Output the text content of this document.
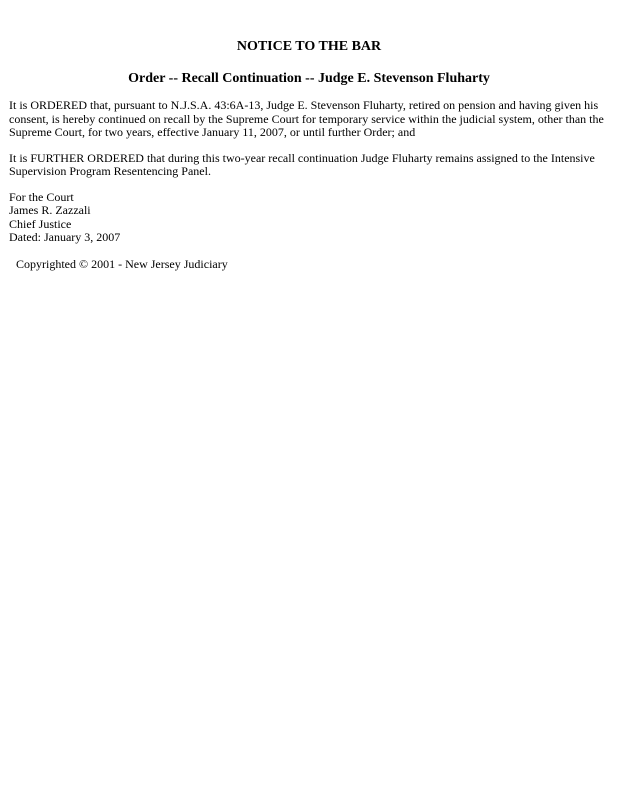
NOTICE TO THE BAR
Order -- Recall Continuation -- Judge E. Stevenson Fluharty

It is ORDERED that, pursuant to N.J.S.A. 43:6A-13, Judge E. Stevenson Fluharty, retired on pension and having given his consent, is hereby continued on recall by the Supreme Court for temporary service within the judicial system, other than the Supreme Court, for two years, effective January 11, 2007, or until further Order; and

It is FURTHER ORDERED that during this two-year recall continuation Judge Fluharty remains assigned to the Intensive Supervision Program Resentencing Panel.

For the Court
James R. Zazzali
Chief Justice
Dated: January 3, 2007
Copyrighted © 2001 - New Jersey Judiciary
